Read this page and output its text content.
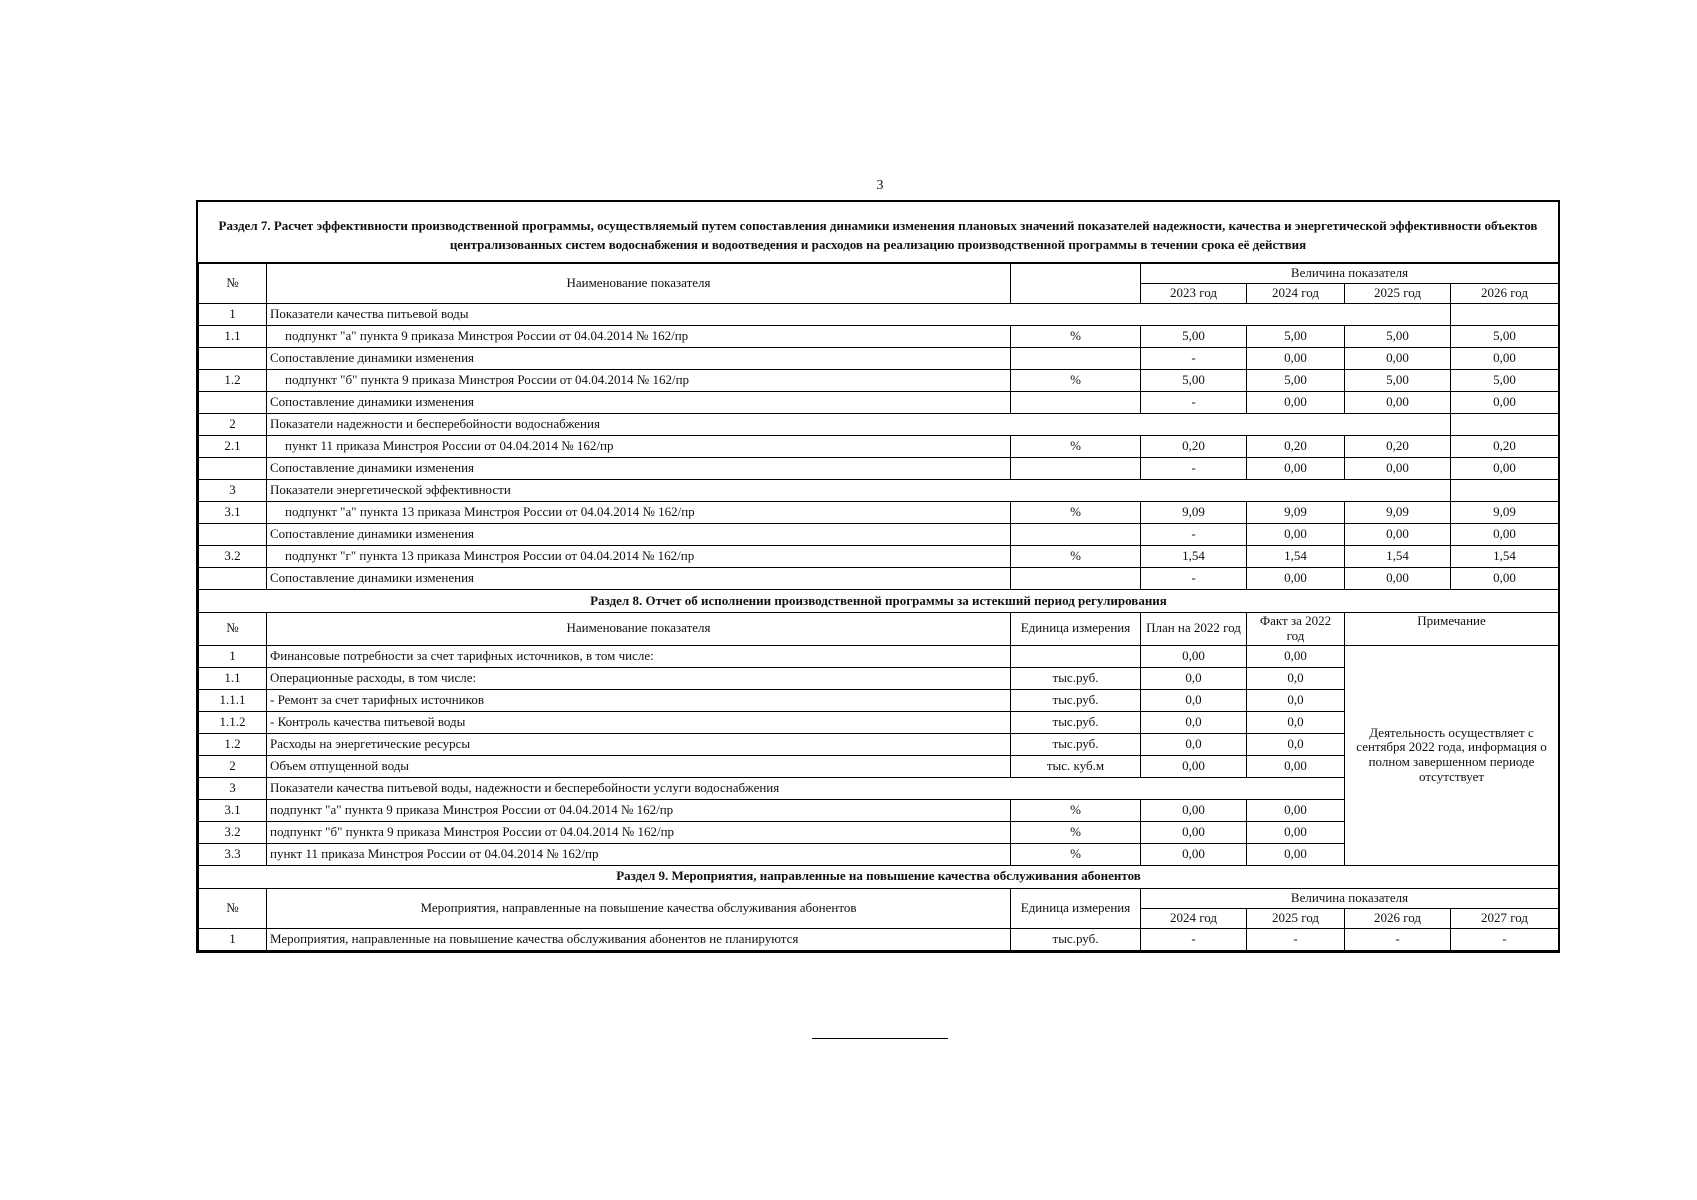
3
Раздел 7. Расчет эффективности производственной программы, осуществляемый путем сопоставления динамики изменения плановых значений показателей надежности, качества и энергетической эффективности объектов централизованных систем водоснабжения и водоотведения и расходов на реализацию производственной программы в течении срока её действия
№	Наименование показателя		Величина показателя			
			2023 год	2024 год	2025 год	2026 год
1	Показатели качества питьевой воды					
1.1	подпункт "а" пункта 9 приказа Минстроя России от 04.04.2014 № 162/пр	%	5,00	5,00	5,00	5,00
	Сопоставление динамики изменения		-	0,00	0,00	0,00
1.2	подпункт "б" пункта 9 приказа Минстроя России от 04.04.2014 № 162/пр	%	5,00	5,00	5,00	5,00
	Сопоставление динамики изменения		-	0,00	0,00	0,00
2	Показатели надежности и бесперебойности водоснабжения					
2.1	пункт 11 приказа Минстроя России от 04.04.2014 № 162/пр	%	0,20	0,20	0,20	0,20
	Сопоставление динамики изменения		-	0,00	0,00	0,00
3	Показатели энергетической эффективности					
3.1	подпункт "а" пункта 13 приказа Минстроя России от 04.04.2014 № 162/пр	%	9,09	9,09	9,09	9,09
	Сопоставление динамики изменения		-	0,00	0,00	0,00
3.2	подпункт "г" пункта 13 приказа Минстроя России от 04.04.2014 № 162/пр	%	1,54	1,54	1,54	1,54
	Сопоставление динамики изменения		-	0,00	0,00	0,00
Раздел 8. Отчет об исполнении производственной программы за истекший период регулирования						
№	Наименование показателя	Единица измерения	План на 2022 год	Факт за 2022 год	Примечание	
1	Финансовые потребности за счет тарифных источников, в том числе:		0,00	0,00	Деятельность осуществляет с сентября 2022 года, информация о полном завершенном периоде отсутствует	
1.1	Операционные расходы, в том числе:	тыс.руб.	0,0	0,0		
1.1.1	- Ремонт за счет тарифных источников	тыс.руб.	0,0	0,0		
1.1.2	- Контроль качества питьевой воды	тыс.руб.	0,0	0,0		
1.2	Расходы на энергетические ресурсы	тыс.руб.	0,0	0,0		
2	Объем отпущенной воды	тыс. куб.м	0,00	0,00		
3	Показатели качества питьевой воды, надежности и бесперебойности услуги водоснабжения					
3.1	подпункт "а" пункта 9 приказа Минстроя России от 04.04.2014 № 162/пр	%	0,00	0,00		
3.2	подпункт "б" пункта 9 приказа Минстроя России от 04.04.2014 № 162/пр	%	0,00	0,00		
3.3	пункт 11 приказа Минстроя России от 04.04.2014 № 162/пр	%	0,00	0,00		
Раздел 9. Мероприятия, направленные на повышение качества обслуживания абонентов						
№	Мероприятия, направленные на повышение качества обслуживания абонентов	Единица измерения	Величина показателя			
			2024 год	2025 год	2026 год	2027 год
1	Мероприятия, направленные на повышение качества обслуживания абонентов не планируются	тыс.руб.	-	-	-	-
